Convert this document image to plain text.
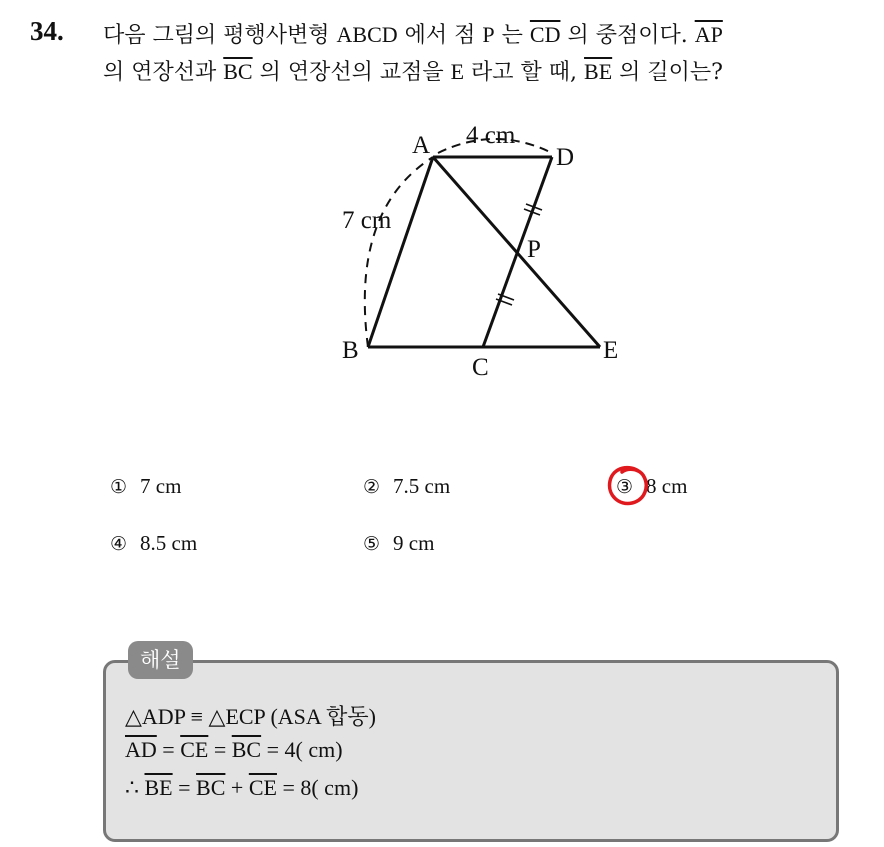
34. 다음 그림의 평행사변형 ABCD 에서 점 P 는 $\overline{CD}$ 의 중점이다. $\overline{AP}$
의 연장선과 $\overline{BC}$ 의 연장선의 교점을 E 라고 할 때, $\overline{BE}$ 의 길이는?
A	D
B
C
E
P
4 cm
7 cm
① 7 cm	② 7.5 cm	③ 8 cm
④ 8.5 cm	⑤ 9 cm
해설
△ADP ≡ △ECP (ASA 합동)
$\overline{AD} = \overline{CE} = \overline{BC} = 4$( cm)
∴ $\overline{BE} = \overline{BC} + \overline{CE} = 8$( cm)
